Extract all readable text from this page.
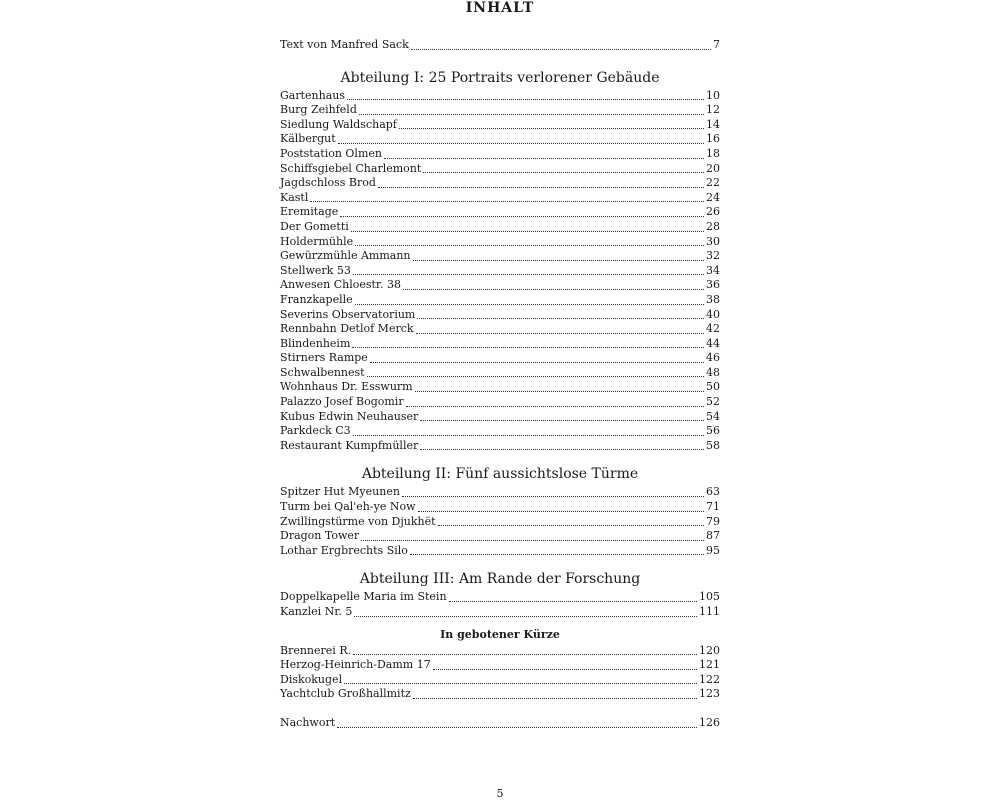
INHALT
Text von Manfred Sack	7
Abteilung I: 25 Portraits verlorener Gebäude
Gartenhaus	10
Burg Zeihfeld	12
Siedlung Waldschapf	14
Kälbergut	16
Poststation Olmen	18
Schiffsgiebel Charlemont	20
Jagdschloss Brod	22
Kastl	24
Eremitage	26
Der Gometti	28
Holdermühle	30
Gewürzmühle Ammann	32
Stellwerk 53	34
Anwesen Chloestr. 38	36
Franzkapelle	38
Severins Observatorium	40
Rennbahn Detlof Merck	42
Blindenheim	44
Stirners Rampe	46
Schwalbennest	48
Wohnhaus Dr. Esswurm	50
Palazzo Josef Bogomir	52
Kubus Edwin Neuhauser	54
Parkdeck C3	56
Restaurant Kumpfmüller	58
Abteilung II: Fünf aussichtslose Türme
Spitzer Hut Myeunen	63
Turm bei Qal'eh-ye Now	71
Zwillingstürme von Djukhët	79
Dragon Tower	87
Lothar Ergbrechts Silo	95
Abteilung III: Am Rande der Forschung
Doppelkapelle Maria im Stein	105
Kanzlei Nr. 5	111
In gebotener Kürze
Brennerei R.	120
Herzog-Heinrich-Damm 17	121
Diskokugel	122
Yachtclub Großhallmitz	123
Nachwort	126
5
